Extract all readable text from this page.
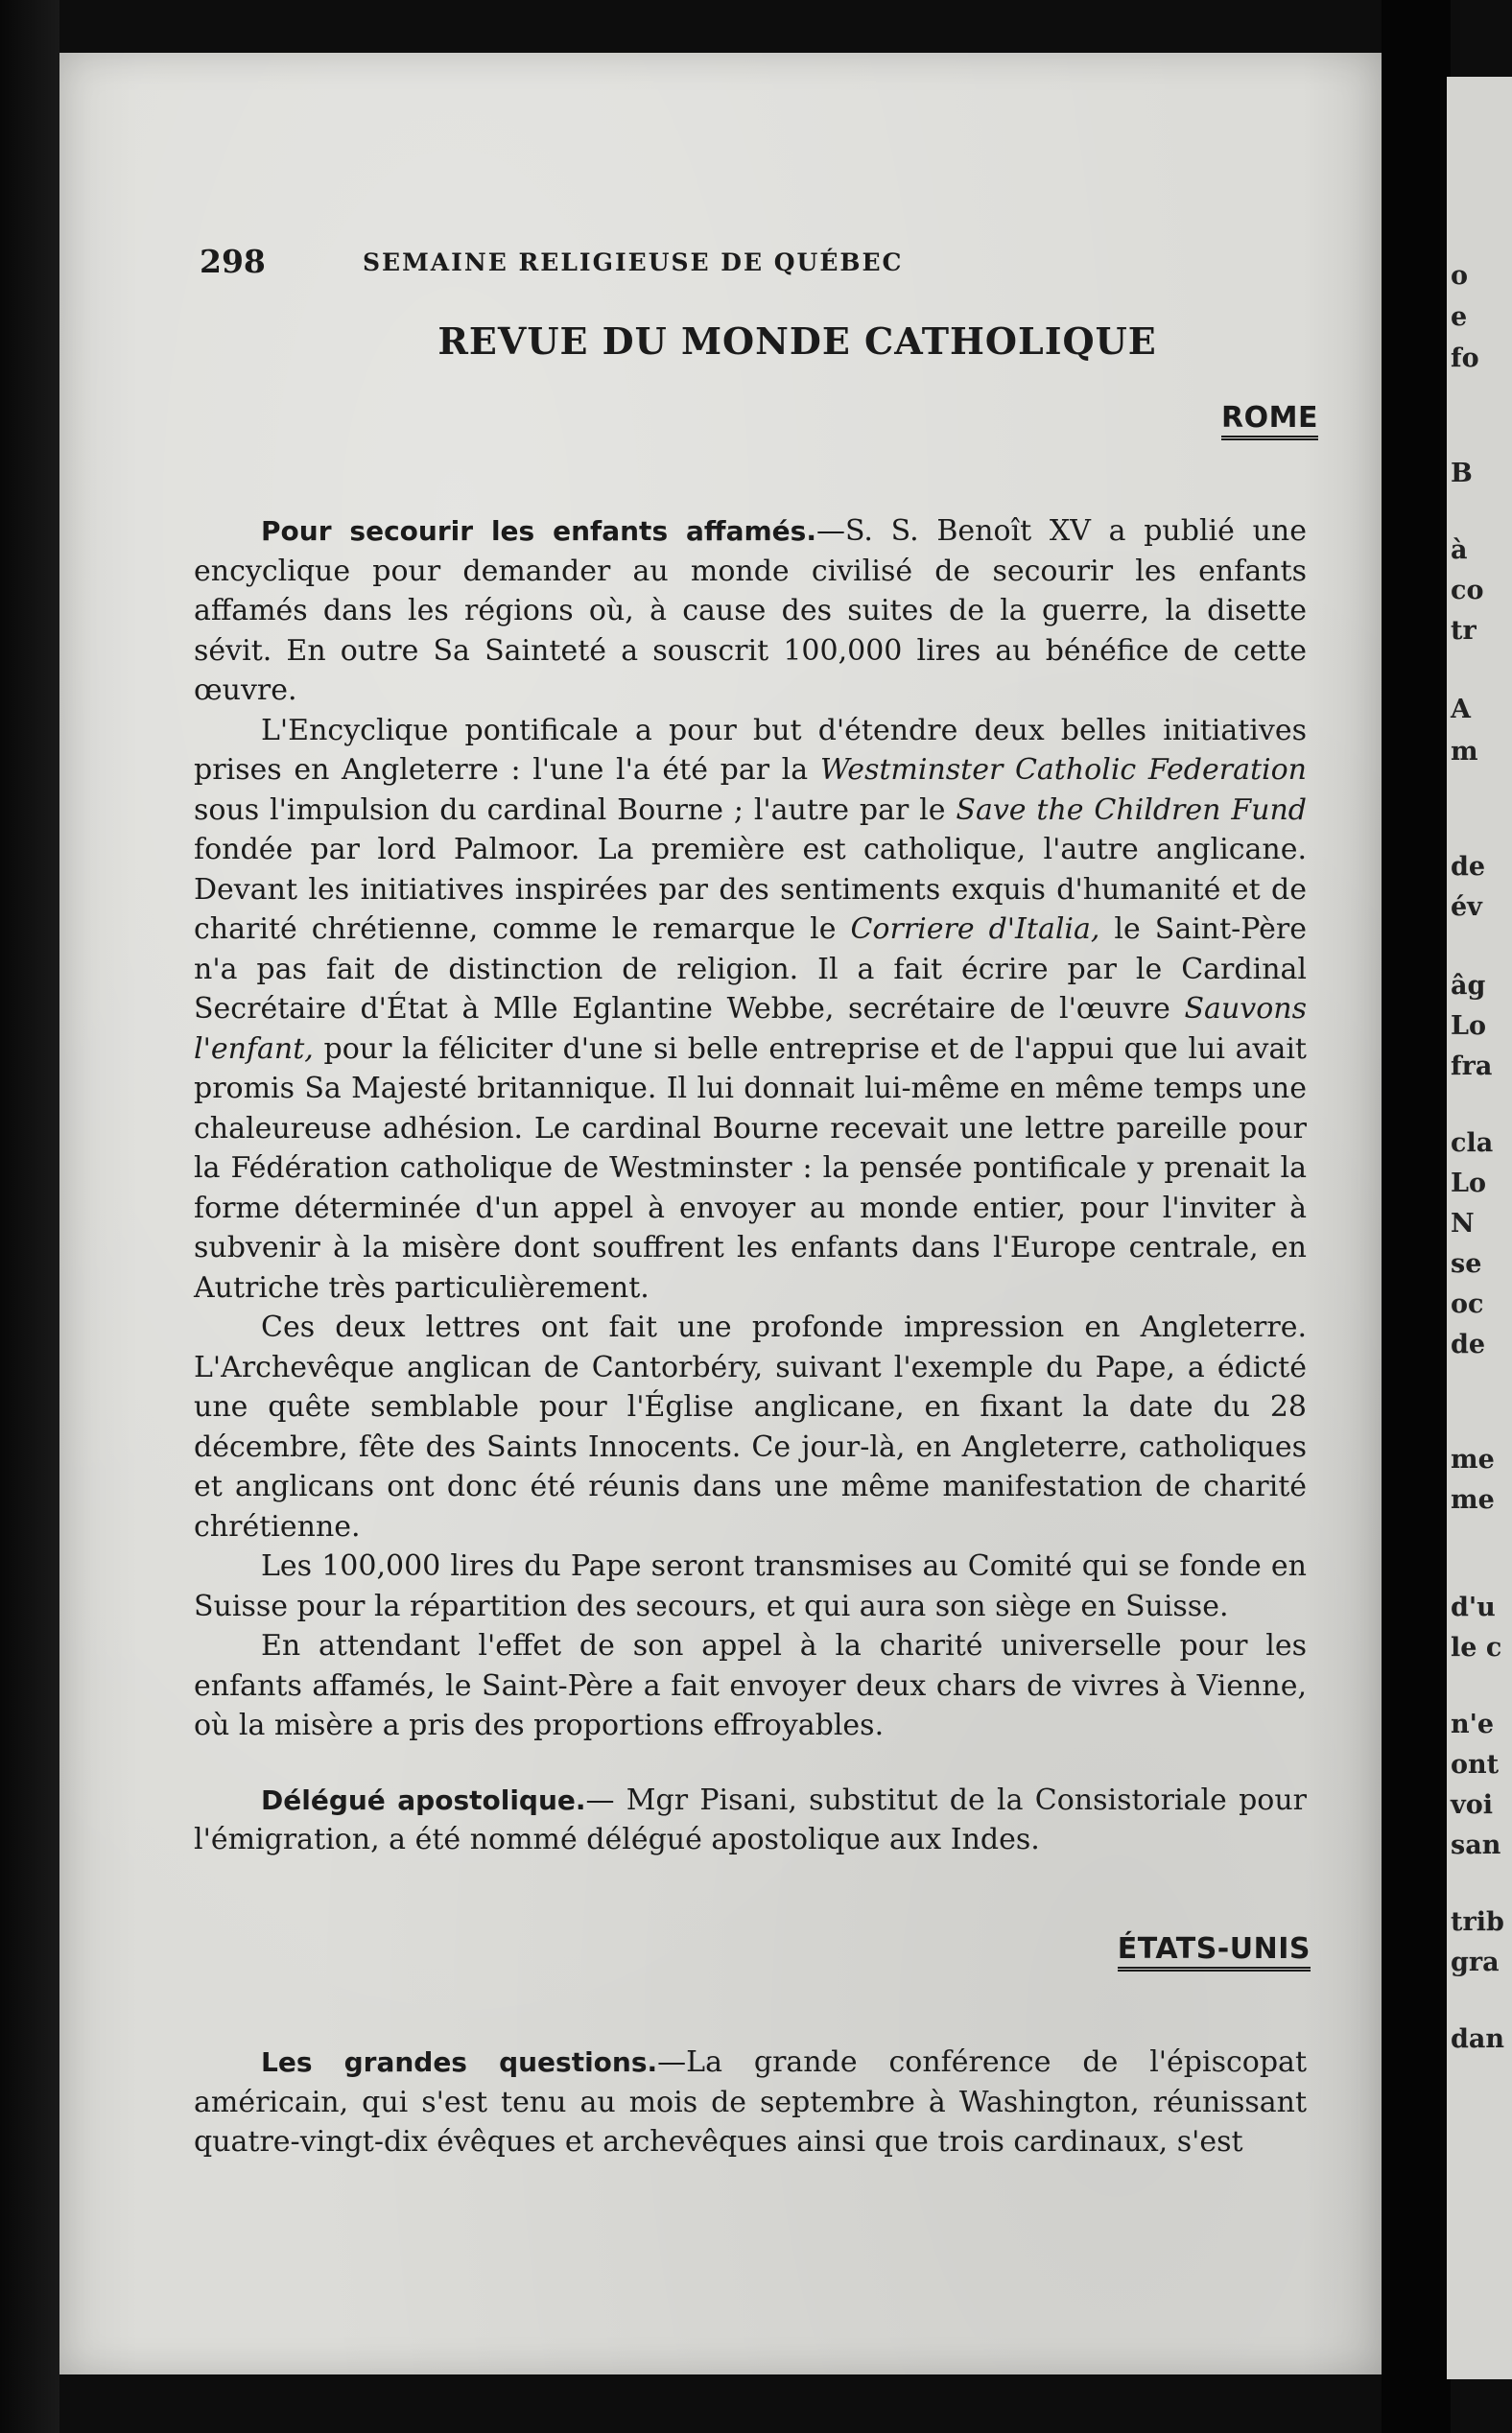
298	SEMAINE RELIGIEUSE DE QUÉBEC
REVUE DU MONDE CATHOLIQUE
ROME

Pour secourir les enfants affamés.—S. S. Benoît XV a publié une encyclique pour demander au monde civilisé de secourir les enfants affamés dans les régions où, à cause des suites de la guerre, la disette sévit. En outre Sa Sainteté a souscrit 100,000 lires au bénéfice de cette œuvre.

L'Encyclique pontificale a pour but d'étendre deux belles initiatives prises en Angleterre : l'une l'a été par la Westminster Catholic Federation sous l'impulsion du cardinal Bourne ; l'autre par le Save the Children Fund fondée par lord Palmoor. La première est catholique, l'autre anglicane. Devant les initiatives inspirées par des sentiments exquis d'humanité et de charité chrétienne, comme le remarque le Corriere d'Italia, le Saint-Père n'a pas fait de distinction de religion. Il a fait écrire par le Cardinal Secrétaire d'État à Mlle Eglantine Webbe, secrétaire de l'œuvre Sauvons l'enfant, pour la féliciter d'une si belle entreprise et de l'appui que lui avait promis Sa Majesté britannique. Il lui donnait lui-même en même temps une chaleureuse adhésion. Le cardinal Bourne recevait une lettre pareille pour la Fédération catholique de Westminster : la pensée pontificale y prenait la forme déterminée d'un appel à envoyer au monde entier, pour l'inviter à subvenir à la misère dont souffrent les enfants dans l'Europe centrale, en Autriche très particulièrement.

Ces deux lettres ont fait une profonde impression en Angleterre. L'Archevêque anglican de Cantorbéry, suivant l'exemple du Pape, a édicté une quête semblable pour l'Église anglicane, en fixant la date du 28 décembre, fête des Saints Innocents. Ce jour-là, en Angleterre, catholiques et anglicans ont donc été réunis dans une même manifestation de charité chrétienne.

Les 100,000 lires du Pape seront transmises au Comité qui se fonde en Suisse pour la répartition des secours, et qui aura son siège en Suisse.

En attendant l'effet de son appel à la charité universelle pour les enfants affamés, le Saint-Père a fait envoyer deux chars de vivres à Vienne, où la misère a pris des proportions effroyables.

Délégué apostolique.— Mgr Pisani, substitut de la Consistoriale pour l'émigration, a été nommé délégué apostolique aux Indes.

ÉTATS-UNIS

Les grandes questions.—La grande conférence de l'épiscopat américain, qui s'est tenu au mois de septembre à Washington, réunissant quatre-vingt-dix évêques et archevêques ainsi que trois cardinaux, s'est

o
e
fo
B
à
co
tr
A
m
de
év
âg
Lo
fra
cla
Lo
N
se
oc
de
me
me
d'u
le c
n'e
ont
voi
san
trib
gra
dan
